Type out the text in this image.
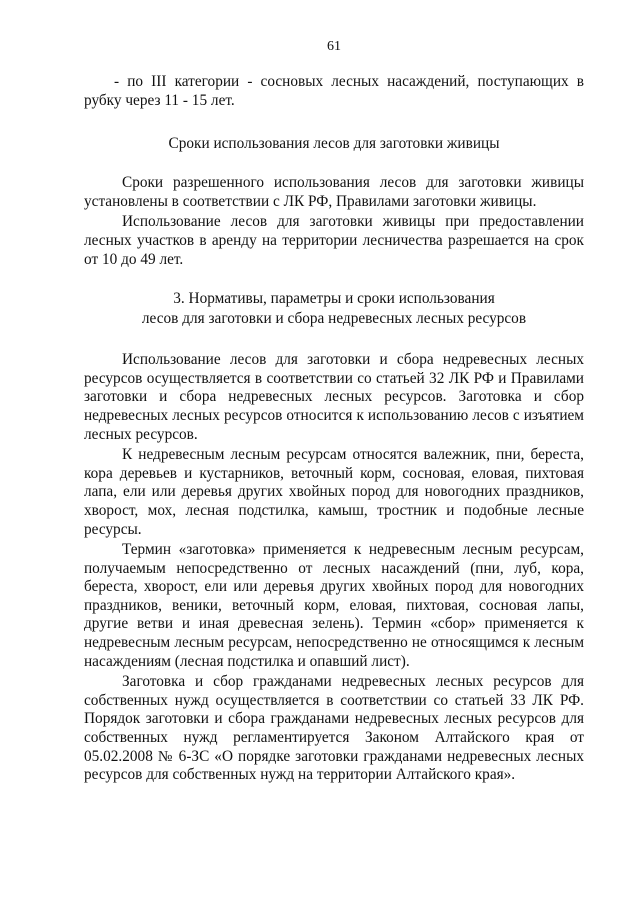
61

- по III категории - сосновых лесных насаждений, поступающих в рубку через 11 - 15 лет.

Сроки использования лесов для заготовки живицы

Сроки разрешенного использования лесов для заготовки живицы установлены в соответствии с ЛК РФ, Правилами заготовки живицы.

Использование лесов для заготовки живицы при предоставлении лесных участков в аренду на территории лесничества разрешается на срок от 10 до 49 лет.

3. Нормативы, параметры и сроки использования
лесов для заготовки и сбора недревесных лесных ресурсов

Использование лесов для заготовки и сбора недревесных лесных ресурсов осуществляется в соответствии со статьей 32 ЛК РФ и Правилами заготовки и сбора недревесных лесных ресурсов. Заготовка и сбор недревесных лесных ресурсов относится к использованию лесов с изъятием лесных ресурсов.

К недревесным лесным ресурсам относятся валежник, пни, береста, кора деревьев и кустарников, веточный корм, сосновая, еловая, пихтовая лапа, ели или деревья других хвойных пород для новогодних праздников, хворост, мох, лесная подстилка, камыш, тростник и подобные лесные ресурсы.

Термин «заготовка» применяется к недревесным лесным ресурсам, получаемым непосредственно от лесных насаждений (пни, луб, кора, береста, хворост, ели или деревья других хвойных пород для новогодних праздников, веники, веточный корм, еловая, пихтовая, сосновая лапы, другие ветви и иная древесная зелень). Термин «сбор» применяется к недревесным лесным ресурсам, непосредственно не относящимся к лесным насаждениям (лесная подстилка и опавший лист).

Заготовка и сбор гражданами недревесных лесных ресурсов для собственных нужд осуществляется в соответствии со статьей 33 ЛК РФ. Порядок заготовки и сбора гражданами недревесных лесных ресурсов для собственных нужд регламентируется Законом Алтайского края от 05.02.2008 № 6-ЗС «О порядке заготовки гражданами недревесных лесных ресурсов для собственных нужд на территории Алтайского края».
